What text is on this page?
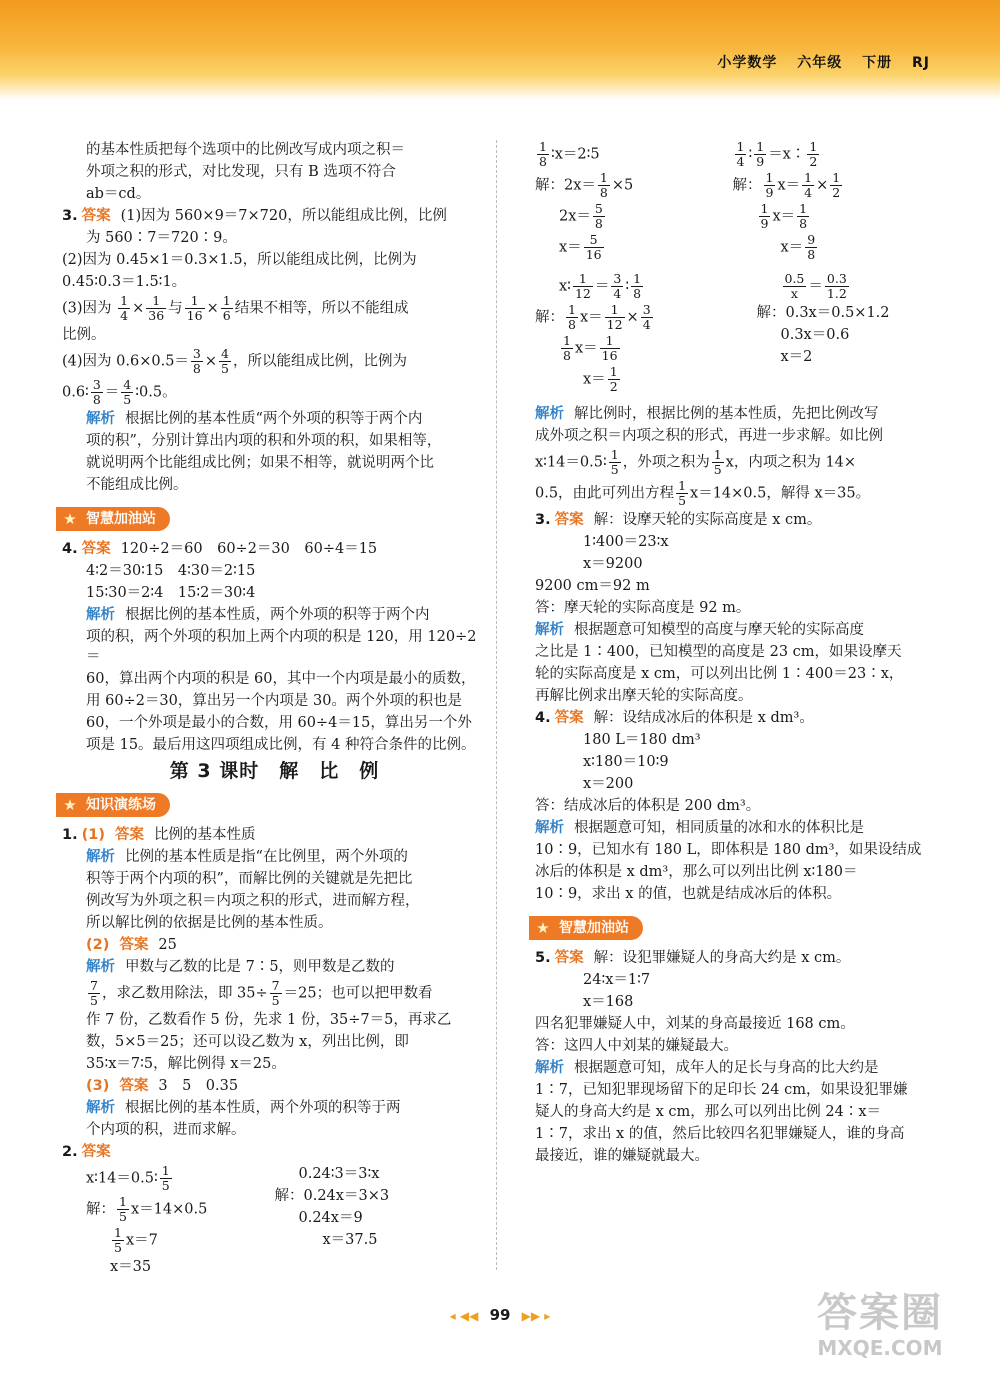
小学数学 六年级 下册 RJ

的基本性质把每个选项中的比例改写成内项之积＝

外项之积的形式，对比发现，只有 B 选项不符合

ab＝cd。

3. 答案 (1)因为 560×9＝7×720，所以能组成比例，比例

为 560∶7＝720∶9。

(2)因为 0.45×1＝0.3×1.5，所以能组成比例，比例为

0.45∶0.3＝1.5∶1。

(3)因为 $\frac{1}{4} \times \frac{1}{36}$ 与 $\frac{1}{16} \times \frac{1}{6}$ 结果不相等，所以不能组成

比例。

(4)因为 $0.6\times 0.5= \frac{3}{8} \times \frac{4}{5}$ ，所以能组成比例，比例为

0.6∶ $\frac{3}{8} = \frac{4}{5}$ ∶0.5。

解析 根据比例的基本性质“两个外项的积等于两个内

项的积”，分别计算出内项的积和外项的积，如果相等，

就说明两个比能组成比例；如果不相等，就说明两个比

不能组成比例。

★ 智慧加油站

4. 答案 120÷2＝60　60÷2＝30　60÷4＝15

4∶2＝30∶15　4∶30＝2∶15

15∶30＝2∶4　15∶2＝30∶4

解析 根据比例的基本性质，两个外项的积等于两个内

项的积，两个外项的积加上两个内项的积是 120，用 120÷2＝

60，算出两个内项的积是 60，其中一个内项是最小的质数，

用 60÷2＝30，算出另一个内项是 30。两个外项的积也是

60，一个外项是最小的合数，用 60÷4＝15，算出另一个外

项是 15。最后用这四项组成比例，有 4 种符合条件的比例。

第 3 课时　解　比　例
★ 知识演练场

1. (1) 答案 比例的基本性质

解析 比例的基本性质是指“在比例里，两个外项的

积等于两个内项的积”，而解比例的关键就是先把比

例改写为外项之积＝内项之积的形式，进而解方程，

所以解比例的依据是比例的基本性质。

(2) 答案 25

解析 甲数与乙数的比是 7∶5，则甲数是乙数的

$\frac{7}{5}$ ，求乙数用除法，即 $35\div \frac{7}{5} =25$；也可以把甲数看

作 7 份，乙数看作 5 份，先求 1 份，35÷7＝5，再求乙

数，5×5＝25；还可以设乙数为 x，列出比例，即

35∶x＝7∶5，解比例得 x＝25。

(3) 答案 3　5　0.35

解析 根据比例的基本性质，两个外项的积等于两

个内项的积，进而求解。

2. 答案

x∶14＝0.5∶ $\frac{1}{5}$

解： $\frac{1}{5} x=14\times 0.5$

$\frac{1}{5} x=7$

x＝35

0.24∶3＝3∶x

解：0.24x＝3×3

0.24x＝9

x＝37.5

$\frac{1}{8}$ ∶x＝2∶5

解：$2x= \frac{1}{8} \times 5$

$2x= \frac{5}{8}$

$x= \frac{5}{16}$

$\frac{1}{4}$ ∶ $\frac{1}{9}$ ＝x∶ $\frac{1}{2}$

解： $\frac{1}{9} x= \frac{1}{4} \times \frac{1}{2}$

$\frac{1}{9} x= \frac{1}{8}$

$x= \frac{9}{8}$

x∶ $\frac{1}{12} = \frac{3}{4}$ ∶ $\frac{1}{8}$

解： $\frac{1}{8} x= \frac{1}{12} \times \frac{3}{4}$

$\frac{1}{8} x= \frac{1}{16}$

$x= \frac{1}{2}$

$\frac{0.5}{x} = \frac{0.3}{1.2}$

解：0.3x＝0.5×1.2

0.3x＝0.6

x＝2

解析 解比例时，根据比例的基本性质，先把比例改写

成外项之积＝内项之积的形式，再进一步求解。如比例

x∶14＝0.5∶ $\frac{1}{5}$ ，外项之积为 $\frac{1}{5}$ x，内项之积为 14×

0.5，由此可列出方程 $\frac{1}{5} x=14\times 0.5$，解得 x＝35。

3. 答案 解：设摩天轮的实际高度是 x cm。

1∶400＝23∶x

x＝9200

9200 cm＝92 m

答：摩天轮的实际高度是 92 m。

解析 根据题意可知模型的高度与摩天轮的实际高度

之比是 1∶400，已知模型的高度是 23 cm，如果设摩天

轮的实际高度是 x cm，可以列出比例 1∶400＝23∶x，

再解比例求出摩天轮的实际高度。

4. 答案 解：设结成冰后的体积是 x dm³。

180 L＝180 dm³

x∶180＝10∶9

x＝200

答：结成冰后的体积是 200 dm³。

解析 根据题意可知，相同质量的冰和水的体积比是

10∶9，已知水有 180 L，即体积是 180 dm³，如果设结成

冰后的体积是 x dm³，那么可以列出比例 x∶180＝

10∶9，求出 x 的值，也就是结成冰后的体积。

★ 智慧加油站

5. 答案 解：设犯罪嫌疑人的身高大约是 x cm。

24∶x＝1∶7

x＝168

四名犯罪嫌疑人中，刘某的身高最接近 168 cm。

答：这四人中刘某的嫌疑最大。

解析 根据题意可知，成年人的足长与身高的比大约是

1∶7，已知犯罪现场留下的足印长 24 cm，如果设犯罪嫌

疑人的身高大约是 x cm，那么可以列出比例 24∶x＝

1∶7，求出 x 的值，然后比较四名犯罪嫌疑人，谁的身高

最接近，谁的嫌疑就最大。

◂ ◀◀ 99 ▶▶ ▸	答案圈
MXQE.COM
